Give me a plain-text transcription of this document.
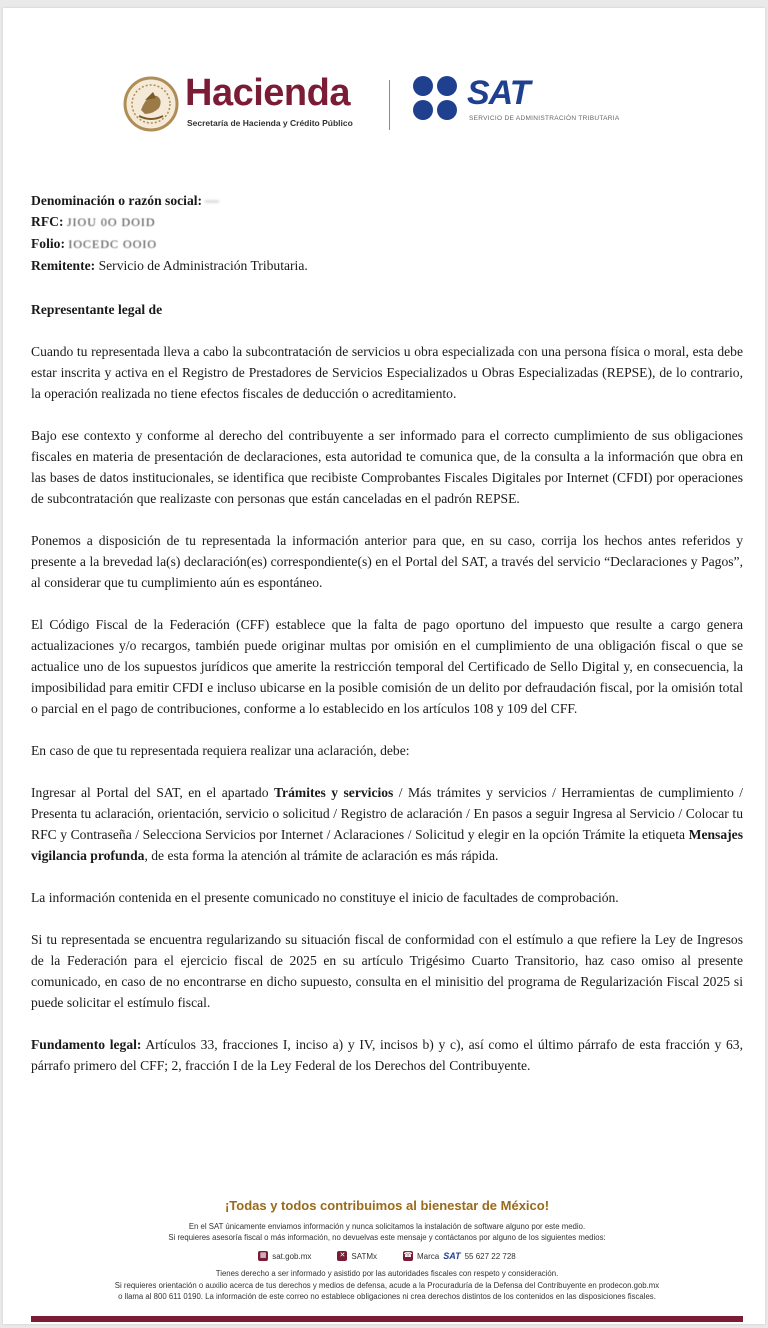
Hacienda
Secretaría de Hacienda y Crédito Público
SAT
SERVICIO DE ADMINISTRACIÓN TRIBUTARIA

Denominación o razón social:

RFC: JIOU 0O DOID

Folio: IOCEDC OOIO

Remitente: Servicio de Administración Tributaria.

Representante legal de

Cuando tu representada lleva a cabo la subcontratación de servicios u obra especializada con una persona física o moral, esta debe estar inscrita y activa en el Registro de Prestadores de Servicios Especializados u Obras Especializadas (REPSE), de lo contrario, la operación realizada no tiene efectos fiscales de deducción o acreditamiento.

Bajo ese contexto y conforme al derecho del contribuyente a ser informado para el correcto cumplimiento de sus obligaciones fiscales en materia de presentación de declaraciones, esta autoridad te comunica que, de la consulta a la información que obra en las bases de datos institucionales, se identifica que recibiste Comprobantes Fiscales Digitales por Internet (CFDI) por operaciones de subcontratación que realizaste con personas que están canceladas en el padrón REPSE.

Ponemos a disposición de tu representada la información anterior para que, en su caso, corrija los hechos antes referidos y presente a la brevedad la(s) declaración(es) correspondiente(s) en el Portal del SAT, a través del servicio “Declaraciones y Pagos”, al considerar que tu cumplimiento aún es espontáneo.

El Código Fiscal de la Federación (CFF) establece que la falta de pago oportuno del impuesto que resulte a cargo genera actualizaciones y/o recargos, también puede originar multas por omisión en el cumplimiento de una obligación fiscal o que se actualice uno de los supuestos jurídicos que amerite la restricción temporal del Certificado de Sello Digital y, en consecuencia, la imposibilidad para emitir CFDI e incluso ubicarse en la posible comisión de un delito por defraudación fiscal, por la omisión total o parcial en el pago de contribuciones, conforme a lo establecido en los artículos 108 y 109 del CFF.

En caso de que tu representada requiera realizar una aclaración, debe:

Ingresar al Portal del SAT, en el apartado Trámites y servicios / Más trámites y servicios / Herramientas de cumplimiento / Presenta tu aclaración, orientación, servicio o solicitud / Registro de aclaración / En pasos a seguir Ingresa al Servicio / Colocar tu RFC y Contraseña / Selecciona Servicios por Internet / Aclaraciones / Solicitud y elegir en la opción Trámite la etiqueta Mensajes vigilancia profunda, de esta forma la atención al trámite de aclaración es más rápida.

La información contenida en el presente comunicado no constituye el inicio de facultades de comprobación.

Si tu representada se encuentra regularizando su situación fiscal de conformidad con el estímulo a que refiere la Ley de Ingresos de la Federación para el ejercicio fiscal de 2025 en su artículo Trigésimo Cuarto Transitorio, haz caso omiso al presente comunicado, en caso de no encontrarse en dicho supuesto, consulta en el minisitio del programa de Regularización Fiscal 2025 si puede solicitar el estímulo fiscal.

Fundamento legal: Artículos 33, fracciones I, inciso a) y IV, incisos b) y c), así como el último párrafo de esta fracción y 63, párrafo primero del CFF; 2, fracción I de la Ley Federal de los Derechos del Contribuyente.

¡Todas y todos contribuimos al bienestar de México!
En el SAT únicamente enviamos información y nunca solicitamos la instalación de software alguno por este medio.
Si requieres asesoría fiscal o más información, no devuelvas este mensaje y contáctanos por alguno de los siguientes medios:
▦ sat.gob.mx	✕ SATMx	☎ Marca SAT 55 627 22 728
Tienes derecho a ser informado y asistido por las autoridades fiscales con respeto y consideración.
Si requieres orientación o auxilio acerca de tus derechos y medios de defensa, acude a la Procuraduría de la Defensa del Contribuyente en prodecon.gob.mx
o llama al 800 611 0190. La información de este correo no establece obligaciones ni crea derechos distintos de los contenidos en las disposiciones fiscales.
